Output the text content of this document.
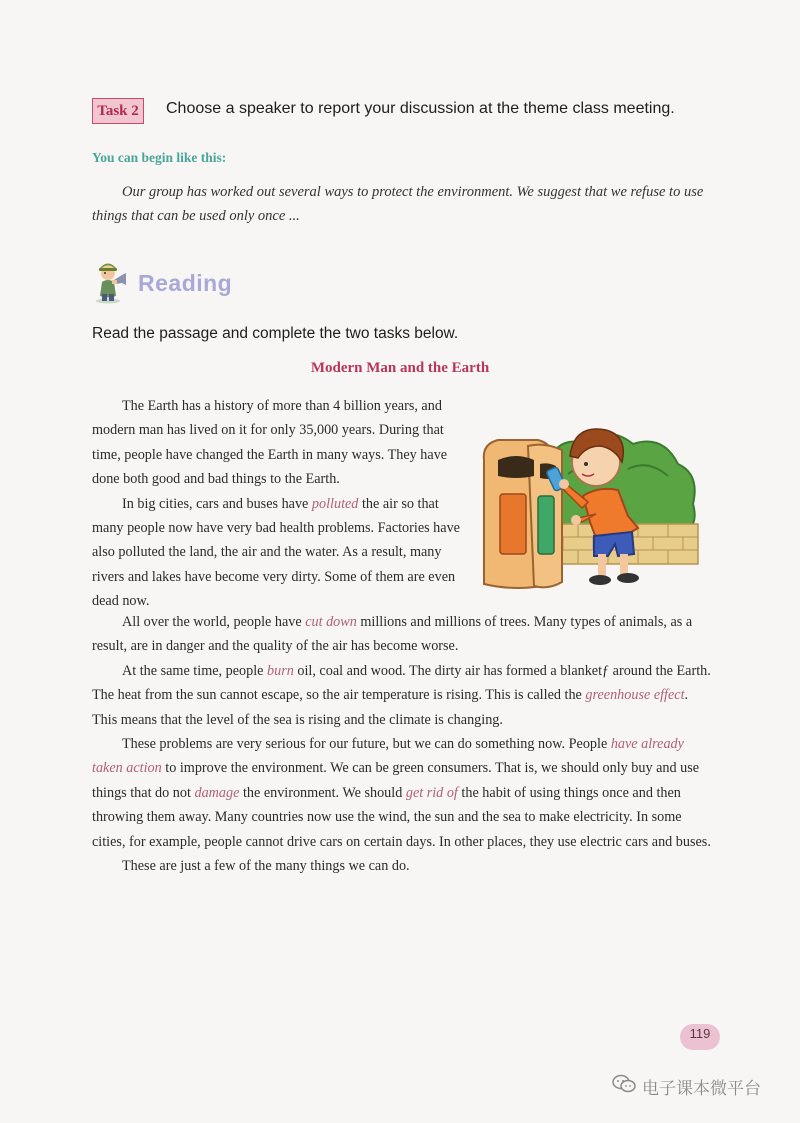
Task 2	Choose a speaker to report your discussion at the theme class meeting.
You can begin like this:

Our group has worked out several ways to protect the environment. We suggest that we refuse to use things that can be used only once ...

Reading
Read the passage and complete the two tasks below.
Modern Man and the Earth

The Earth has a history of more than 4 billion years, and modern man has lived on it for only 35,000 years. During that time, people have changed the Earth in many ways. They have done both good and bad things to the Earth.

In big cities, cars and buses have polluted the air so that many people now have very bad health problems. Factories have also polluted the land, the air and the water. As a result, many rivers and lakes have become very dirty. Some of them are even dead now.

All over the world, people have cut down millions and millions of trees. Many types of animals, as a result, are in danger and the quality of the air has become worse.

At the same time, people burn oil, coal and wood. The dirty air has formed a blanketƒ around the Earth. The heat from the sun cannot escape, so the air temperature is rising. This is called the greenhouse effect. This means that the level of the sea is rising and the climate is changing.

These problems are very serious for our future, but we can do something now. People have already taken action to improve the environment. We can be green consumers. That is, we should only buy and use things that do not damage the environment. We should get rid of the habit of using things once and then throwing them away. Many countries now use the wind, the sun and the sea to make electricity. In some cities, for example, people cannot drive cars on certain days. In other places, they use electric cars and buses.

These are just a few of the many things we can do.

119
电子课本微平台
